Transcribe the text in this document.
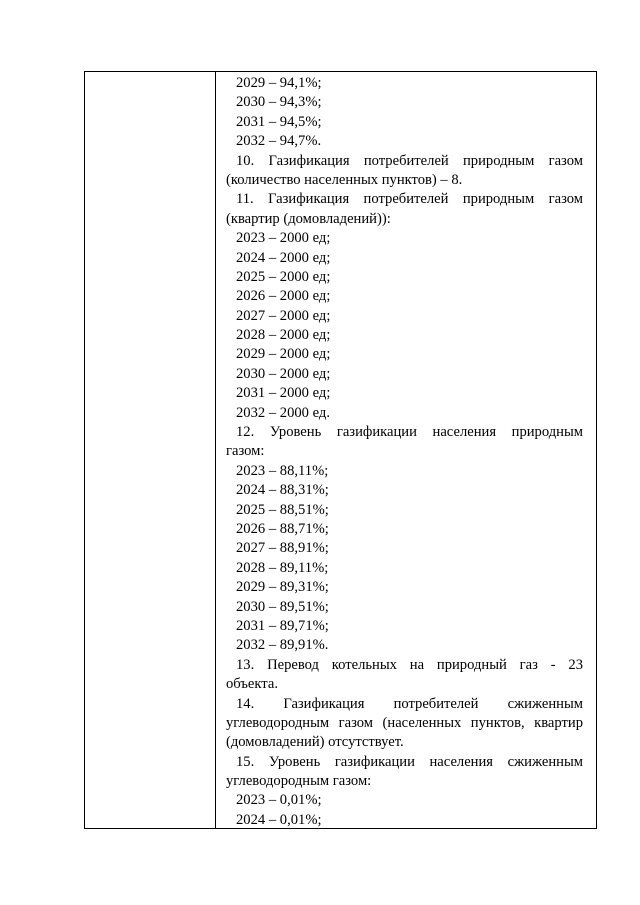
2029 – 94,1%;
2030 – 94,3%;
2031 – 94,5%;
2032 – 94,7%.
10. Газификация потребителей природным газом
(количество населенных пунктов) – 8.
11. Газификация потребителей природным газом
(квартир (домовладений)):
2023 – 2000 ед;
2024 – 2000 ед;
2025 – 2000 ед;
2026 – 2000 ед;
2027 – 2000 ед;
2028 – 2000 ед;
2029 – 2000 ед;
2030 – 2000 ед;
2031 – 2000 ед;
2032 – 2000 ед.
12. Уровень газификации населения природным
газом:
2023 – 88,11%;
2024 – 88,31%;
2025 – 88,51%;
2026 – 88,71%;
2027 – 88,91%;
2028 – 89,11%;
2029 – 89,31%;
2030 – 89,51%;
2031 – 89,71%;
2032 – 89,91%.
13. Перевод котельных на природный газ - 23
объекта.
14. Газификация потребителей сжиженным
углеводородным газом (населенных пунктов, квартир
(домовладений) отсутствует.
15. Уровень газификации населения сжиженным
углеводородным газом:
2023 – 0,01%;
2024 – 0,01%;
